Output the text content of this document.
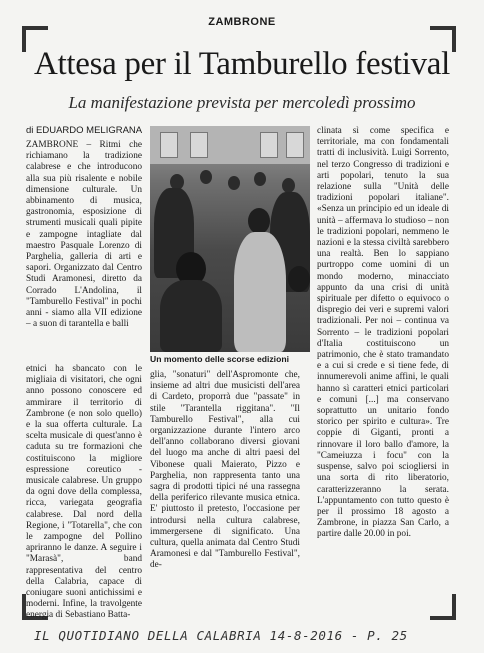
ZAMBRONE
Attesa per il Tamburello festival
La manifestazione prevista per mercoledì prossimo
di EDUARDO MELIGRANA

ZAMBRONE – Ritmi che richiamano la tradizione calabrese e che introducono alla sua più risalente e nobile dimensione culturale. Un abbinamento di musica, gastronomia, esposizione di strumenti musicali quali pipite e zampogne intagliate dal maestro Pasquale Lorenzo di Parghelia, galleria di arti e sapori. Organizzato dal Centro Studi Aramonesi, diretto da Corrado L'Andolina, il "Tamburello Festival" in pochi anni - siamo alla VII edizione – a suon di tarantella e balli

Un momento delle scorse edizioni

etnici ha sbancato con le migliaia di visitatori, che ogni anno possono conoscere ed ammirare il territorio di Zambrone (e non solo quello) e la sua offerta culturale. La scelta musicale di quest'anno è caduta su tre formazioni che costituiscono la migliore espressione coreutico - musicale calabrese. Un gruppo da ogni dove della complessa, ricca, variegata geografia calabrese. Dal nord della Regione, i "Totarella", che con le zampogne del Pollino apriranno le danze. A seguire i "Marasà", band rappresentativa del centro della Calabria, capace di coniugare suoni antichissimi e moderni. Infine, la travolgente energia di Sebastiano Batta-

glia, "sonaturi" dell'Aspromonte che, insieme ad altri due musicisti dell'area di Cardeto, proporrà due "passate" in stile "Tarantella riggitana". "Il Tamburello Festival", alla cui organizzazione durante l'intero arco dell'anno collaborano diversi giovani del luogo ma anche di altri paesi del Vibonese quali Maierato, Pizzo e Parghelia, non rappresenta tanto una sagra di prodotti tipici né una rassegna della periferico rilevante musica etnica. E' piuttosto il pretesto, l'occasione per introdursi nella cultura calabrese, immergersene di significato. Una cultura, quella animata dal Centro Studi Aramonesi e dal "Tamburello Festival", de-

clinata sì come specifica e territoriale, ma con fondamentali tratti di inclusività. Luigi Sorrento, nel terzo Congresso di tradizioni e arti popolari, tenuto la sua relazione sulla "Unità delle tradizioni popolari italiane". «Senza un principio ed un ideale di unità – affermava lo studioso – non le tradizioni popolari, nemmeno le nazioni e la stessa civiltà sarebbero una realtà. Ben lo sappiano purtroppo come uomini di un mondo moderno, minacciato appunto da una crisi di unità spirituale per difetto o equivoco o dispregio dei veri e supremi valori tradizionali. Per noi – continua va Sorrento – le tradizioni popolari d'Italia costituiscono un patrimonio, che è stato tramandato e a cui si crede e si tiene fede, di innumerevoli anime affini, le quali hanno sì caratteri etnici particolari e comuni [...] ma conservano soprattutto un unitario fondo storico per spirito e cultura». Tre coppie di Giganti, pronti a rinnovare il loro ballo d'amore, la "Cameiuzza i focu" con la suspense, salvo poi sciogliersi in una sorta di rito liberatorio, caratterizzeranno la serata. L'appuntamento con tutto questo è per il prossimo 18 agosto a Zambrone, in piazza San Carlo, a partire dalle 20.00 in poi.

IL QUOTIDIANO DELLA CALABRIA 14-8-2016 - P. 25
